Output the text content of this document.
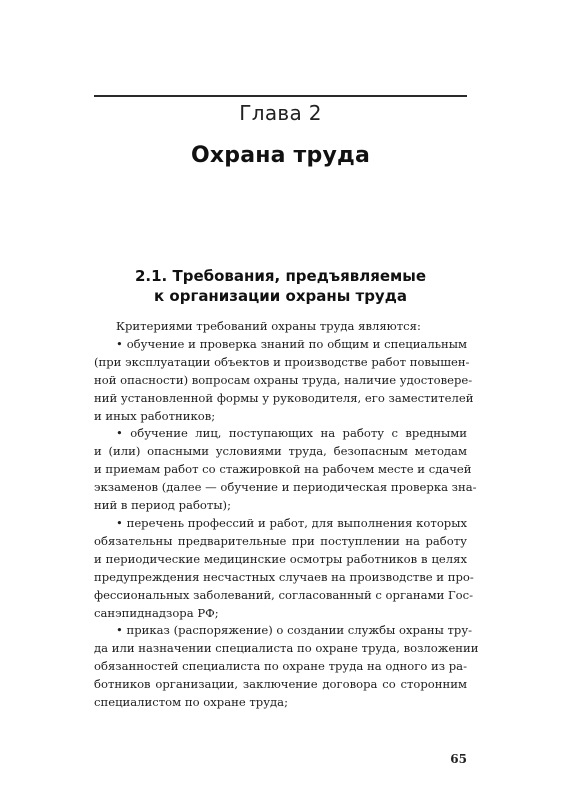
Глава 2
Охрана труда
2.1. Требования, предъявляемые
к организации охраны труда
Критериями требований охраны труда являются:
• обучение и проверка знаний по общим и специальным
(при эксплуатации объектов и производстве работ повышен-
ной опасности) вопросам охраны труда, наличие удостовере-
ний установленной формы у руководителя, его заместителей
и иных работников;
• обучение лиц, поступающих на работу с вредными
и (или) опасными условиями труда, безопасным методам
и приемам работ со стажировкой на рабочем месте и сдачей
экзаменов (далее — обучение и периодическая проверка зна-
ний в период работы);
• перечень профессий и работ, для выполнения которых
обязательны предварительные при поступлении на работу
и периодические медицинские осмотры работников в целях
предупреждения несчастных случаев на производстве и про-
фессиональных заболеваний, согласованный с органами Гос-
санэпиднадзора РФ;
• приказ (распоряжение) о создании службы охраны тру-
да или назначении специалиста по охране труда, возложении
обязанностей специалиста по охране труда на одного из ра-
ботников организации, заключение договора со сторонним
специалистом по охране труда;
65
